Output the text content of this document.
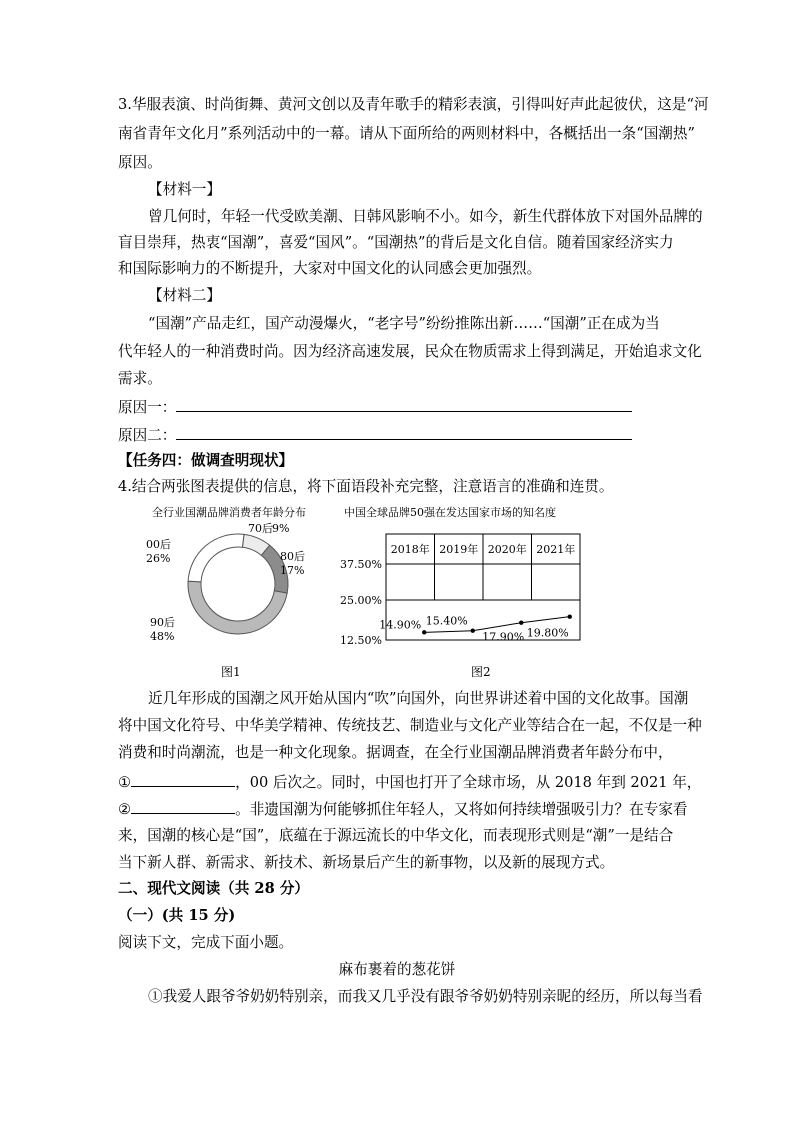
3.华服表演、时尚街舞、黄河文创以及青年歌手的精彩表演，引得叫好声此起彼伏，这是“河
南省青年文化月”系列活动中的一幕。请从下面所给的两则材料中，各概括出一条“国潮热”
原因。
【材料一】
曾几何时，年轻一代受欧美潮、日韩风影响不小。如今，新生代群体放下对国外品牌的
盲目崇拜，热衷“国潮”，喜爱“国风”。“国潮热”的背后是文化自信。随着国家经济实力
和国际影响力的不断提升，大家对中国文化的认同感会更加强烈。
【材料二】
“国潮”产品走红，国产动漫爆火，“老字号”纷纷推陈出新……“国潮”正在成为当
代年轻人的一种消费时尚。因为经济高速发展，民众在物质需求上得到满足，开始追求文化
需求。
原因一：
原因二：
【任务四：做调查明现状】
4.结合两张图表提供的信息，将下面语段补充完整，注意语言的准确和连贯。
全行业国潮品牌消费者年龄分布	中国全球品牌50强在发达国家市场的知名度
70后 9%
80后
17%
90后
48%
00后
26%
2018年 2019年 2020年 2021年
37.50%
25.00%
12.50%
14.90% 15.40%
17.90% 19.80%
图1	图2
近几年形成的国潮之风开始从国内“吹”向国外，向世界讲述着中国的文化故事。国潮
将中国文化符号、中华美学精神、传统技艺、制造业与文化产业等结合在一起，不仅是一种
消费和时尚潮流，也是一种文化现象。据调查，在全行业国潮品牌消费者年龄分布中，
①	，00 后次之。同时，中国也打开了全球市场，从 2018 年到 2021 年，
②	。非遗国潮为何能够抓住年轻人，又将如何持续增强吸引力？在专家看
来，国潮的核心是“国”，底蕴在于源远流长的中华文化，而表现形式则是“潮”一是结合
当下新人群、新需求、新技术、新场景后产生的新事物，以及新的展现方式。
二、现代文阅读（共 28 分）
（一）(共 15 分)
阅读下文，完成下面小题。
麻布裹着的葱花饼
①我爱人跟爷爷奶奶特别亲，而我又几乎没有跟爷爷奶奶特别亲昵的经历，所以每当看
